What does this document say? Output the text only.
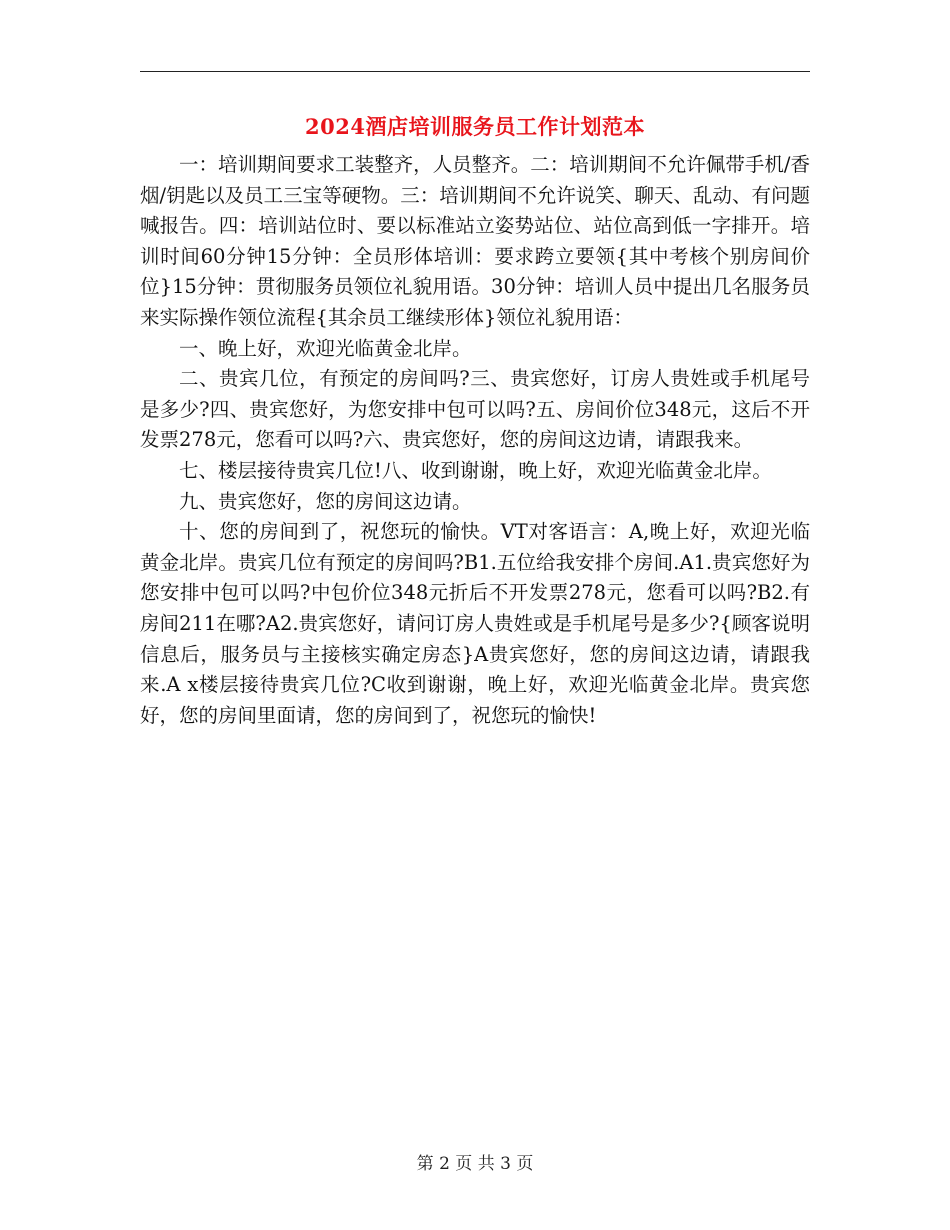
2024酒店培训服务员工作计划范本

一：培训期间要求工装整齐，人员整齐。二：培训期间不允许佩带手机/香烟/钥匙以及员工三宝等硬物。三：培训期间不允许说笑、聊天、乱动、有问题喊报告。四：培训站位时、要以标准站立姿势站位、站位高到低一字排开。培训时间60分钟15分钟：全员形体培训：要求跨立要领{其中考核个别房间价位}15分钟：贯彻服务员领位礼貌用语。30分钟：培训人员中提出几名服务员来实际操作领位流程{其余员工继续形体}领位礼貌用语：

一、晚上好，欢迎光临黄金北岸。

二、贵宾几位，有预定的房间吗?三、贵宾您好，订房人贵姓或手机尾号是多少?四、贵宾您好，为您安排中包可以吗?五、房间价位348元，这后不开发票278元，您看可以吗?六、贵宾您好，您的房间这边请，请跟我来。

七、楼层接待贵宾几位!八、收到谢谢，晚上好，欢迎光临黄金北岸。

九、贵宾您好，您的房间这边请。

十、您的房间到了，祝您玩的愉快。VT对客语言：A,晚上好，欢迎光临黄金北岸。贵宾几位有预定的房间吗?B1.五位给我安排个房间.A1.贵宾您好为您安排中包可以吗?中包价位348元折后不开发票278元，您看可以吗?B2.有房间211在哪?A2.贵宾您好，请问订房人贵姓或是手机尾号是多少?{顾客说明信息后，服务员与主接核实确定房态}A贵宾您好，您的房间这边请，请跟我来.A x楼层接待贵宾几位?C收到谢谢，晚上好，欢迎光临黄金北岸。贵宾您好，您的房间里面请，您的房间到了，祝您玩的愉快!

第 2 页 共 3 页
